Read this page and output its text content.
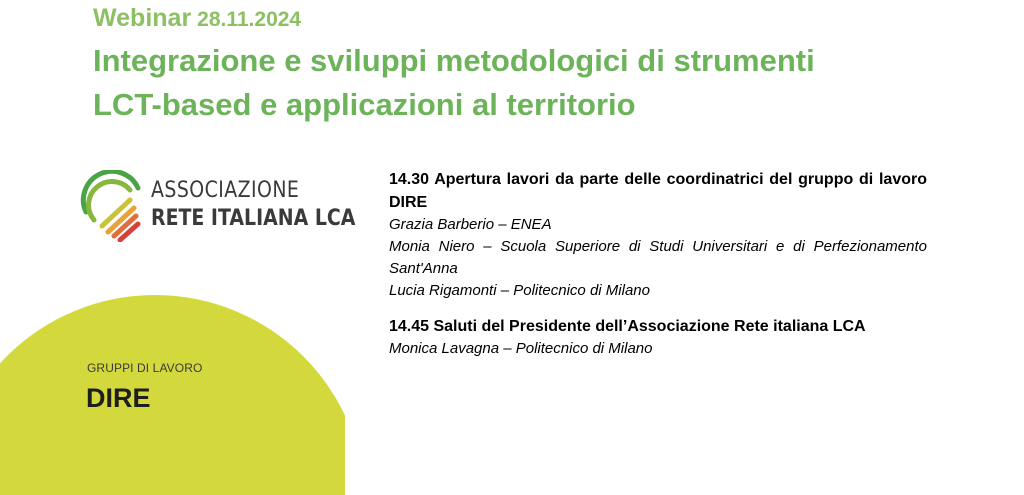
Webinar 28.11.2024
Integrazione e sviluppi metodologici di strumenti
LCT-based e applicazioni al territorio
ASSOCIAZIONE
RETE ITALIANA LCA
GRUPPI DI LAVORO
DIRE

14.30 Apertura lavori da parte delle coordinatrici del gruppo di lavoro DIRE

Grazia Barberio – ENEA

Monia Niero – Scuola Superiore di Studi Universitari e di Perfezionamento Sant'Anna

Lucia Rigamonti – Politecnico di Milano

14.45 Saluti del Presidente dell’Associazione Rete italiana LCA

Monica Lavagna – Politecnico di Milano
